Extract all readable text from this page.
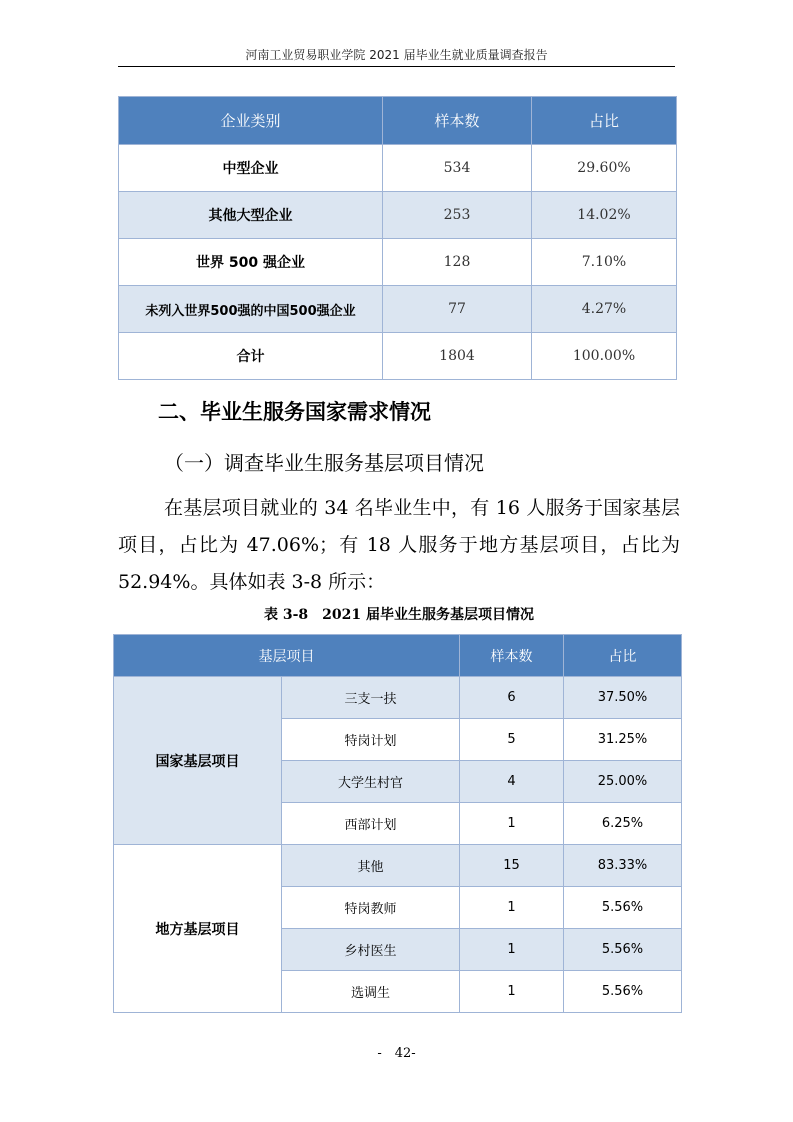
河南工业贸易职业学院 2021 届毕业生就业质量调查报告
企业类别	样本数	占比
中型企业	534	29.60%
其他大型企业	253	14.02%
世界 500 强企业	128	7.10%
未列入世界500强的中国500强企业	77	4.27%
合计	1804	100.00%
二、毕业生服务国家需求情况
（一）调查毕业生服务基层项目情况
在基层项目就业的 34 名毕业生中，有 16 人服务于国家基层项目，占比为 47.06%；有 18 人服务于地方基层项目，占比为 52.94%。具体如表 3-8 所示：
表 3-8　2021 届毕业生服务基层项目情况
基层项目		样本数	占比
国家基层项目	三支一扶	6	37.50%
	特岗计划	5	31.25%
	大学生村官	4	25.00%
	西部计划	1	6.25%
地方基层项目	其他	15	83.33%
	特岗教师	1	5.56%
	乡村医生	1	5.56%
	选调生	1	5.56%
-　42-
